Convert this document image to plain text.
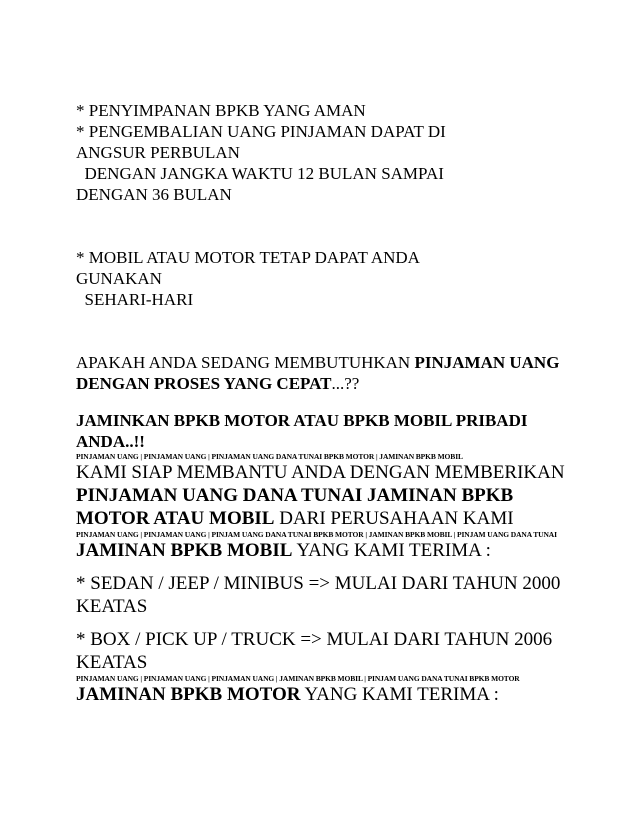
* PENYIMPANAN BPKB YANG AMAN
* PENGEMBALIAN UANG PINJAMAN DAPAT DI
ANGSUR PERBULAN
DENGAN JANGKA WAKTU 12 BULAN SAMPAI
DENGAN 36 BULAN
* MOBIL ATAU MOTOR TETAP DAPAT ANDA
GUNAKAN
SEHARI-HARI
APAKAH ANDA SEDANG MEMBUTUHKAN PINJAMAN UANG DENGAN PROSES YANG CEPAT...??
JAMINKAN BPKB MOTOR ATAU BPKB MOBIL PRIBADI ANDA..!!
PINJAMAN UANG | PINJAMAN UANG | PINJAMAN UANG DANA TUNAI BPKB MOTOR | JAMINAN BPKB MOBIL
KAMI SIAP MEMBANTU ANDA DENGAN MEMBERIKAN PINJAMAN UANG DANA TUNAI JAMINAN BPKB MOTOR ATAU MOBIL DARI PERUSAHAAN KAMI
PINJAMAN UANG | PINJAMAN UANG | PINJAM UANG DANA TUNAI BPKB MOTOR | JAMINAN BPKB MOBIL | PINJAM UANG DANA TUNAI
JAMINAN BPKB MOBIL YANG KAMI TERIMA :
* SEDAN / JEEP / MINIBUS => MULAI DARI TAHUN 2000 KEATAS
* BOX / PICK UP / TRUCK => MULAI DARI TAHUN 2006 KEATAS
PINJAMAN UANG | PINJAMAN UANG | PINJAMAN UANG | JAMINAN BPKB MOBIL | PINJAM UANG DANA TUNAI BPKB MOTOR
JAMINAN BPKB MOTOR YANG KAMI TERIMA :
